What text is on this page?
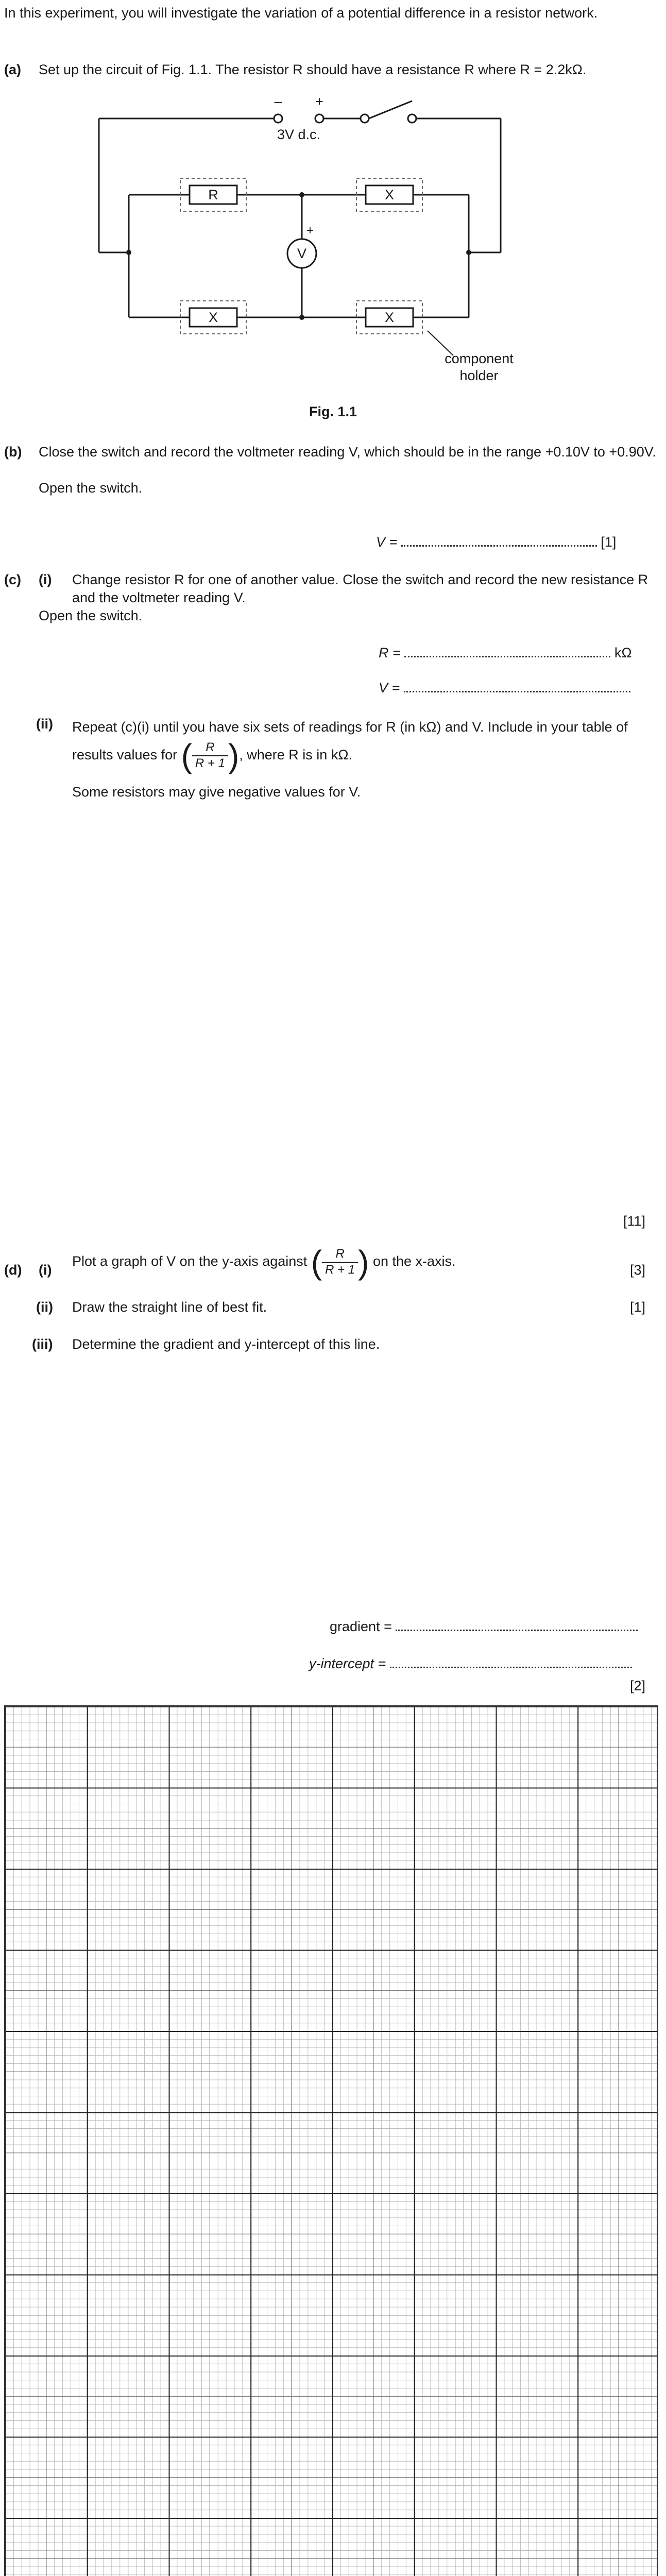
In this experiment, you will investigate the variation of a potential difference in a resistor network.
(a) Set up the circuit of Fig. 1.1. The resistor R should have a resistance R where R = 2.2kΩ.
– +
3V d.c.
R	X
X	X
V
+
component
holder
Fig. 1.1
(b) Close the switch and record the voltmeter reading V, which should be in the range +0.10V to +0.90V.
Open the switch.
V =	[1]
(c) (i) Change resistor R for one of another value. Close the switch and record the new resistance R and the voltmeter reading V.
Open the switch.
R =	kΩ
V =
(ii) Repeat (c)(i) until you have six sets of readings for R (in kΩ) and V. Include in your table of results values for ( $\frac{R}{R + 1}$ ), where R is in kΩ.
Some resistors may give negative values for V.
[11]
(d) (i)
Plot a graph of V on the y-axis against ( $\frac{R}{R + 1}$ ) on the x-axis.
[3]
(ii) Draw the straight line of best fit.	[1]
(iii) Determine the gradient and y-intercept of this line.
gradient =
y-intercept =
[2]
